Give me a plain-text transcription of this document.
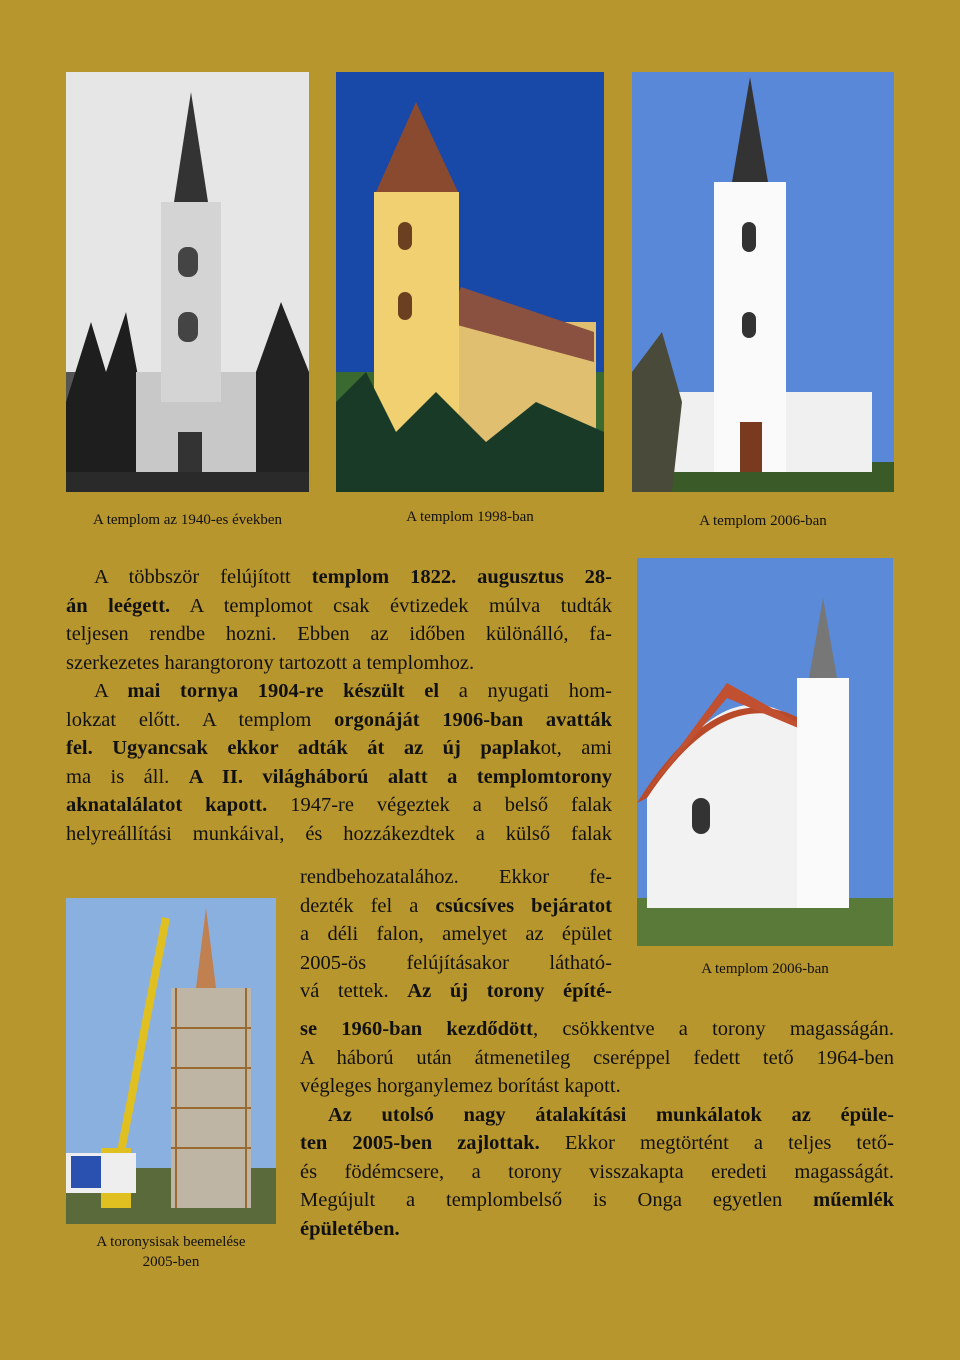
A templom az 1940-es években	A templom 1998-ban	A templom 2006-ban
A templom 2006-ban
A toronysisak beemelése
2005-ben
A többször felújított templom 1822. augusztus 28-
án leégett. A templomot csak évtizedek múlva tudták
teljesen rendbe hozni. Ebben az időben különálló, fa-
szerkezetes harangtorony tartozott a templomhoz.
A mai tornya 1904-re készült el a nyugati hom-
lokzat előtt. A templom orgonáját 1906-ban avatták
fel. Ugyancsak ekkor adták át az új paplakot, ami
ma is áll. A II. világháború alatt a templomtorony
aknatalálatot kapott. 1947-re végeztek a belső falak
helyreállítási munkáival, és hozzákezdtek a külső falak
rendbehozatalához. Ekkor fe-
dezték fel a csúcsíves bejáratot
a déli falon, amelyet az épület
2005-ös felújításakor látható-
vá tettek. Az új torony építé-
se 1960-ban kezdődött, csökkentve a torony magasságán.
A háború után átmenetileg cseréppel fedett tető 1964-ben
végleges horganylemez borítást kapott.
Az utolsó nagy átalakítási munkálatok az épüle-
ten 2005-ben zajlottak. Ekkor megtörtént a teljes tető-
és födémcsere, a torony visszakapta eredeti magasságát.
Megújult a templombelső is Onga egyetlen műemlék
épületében.
